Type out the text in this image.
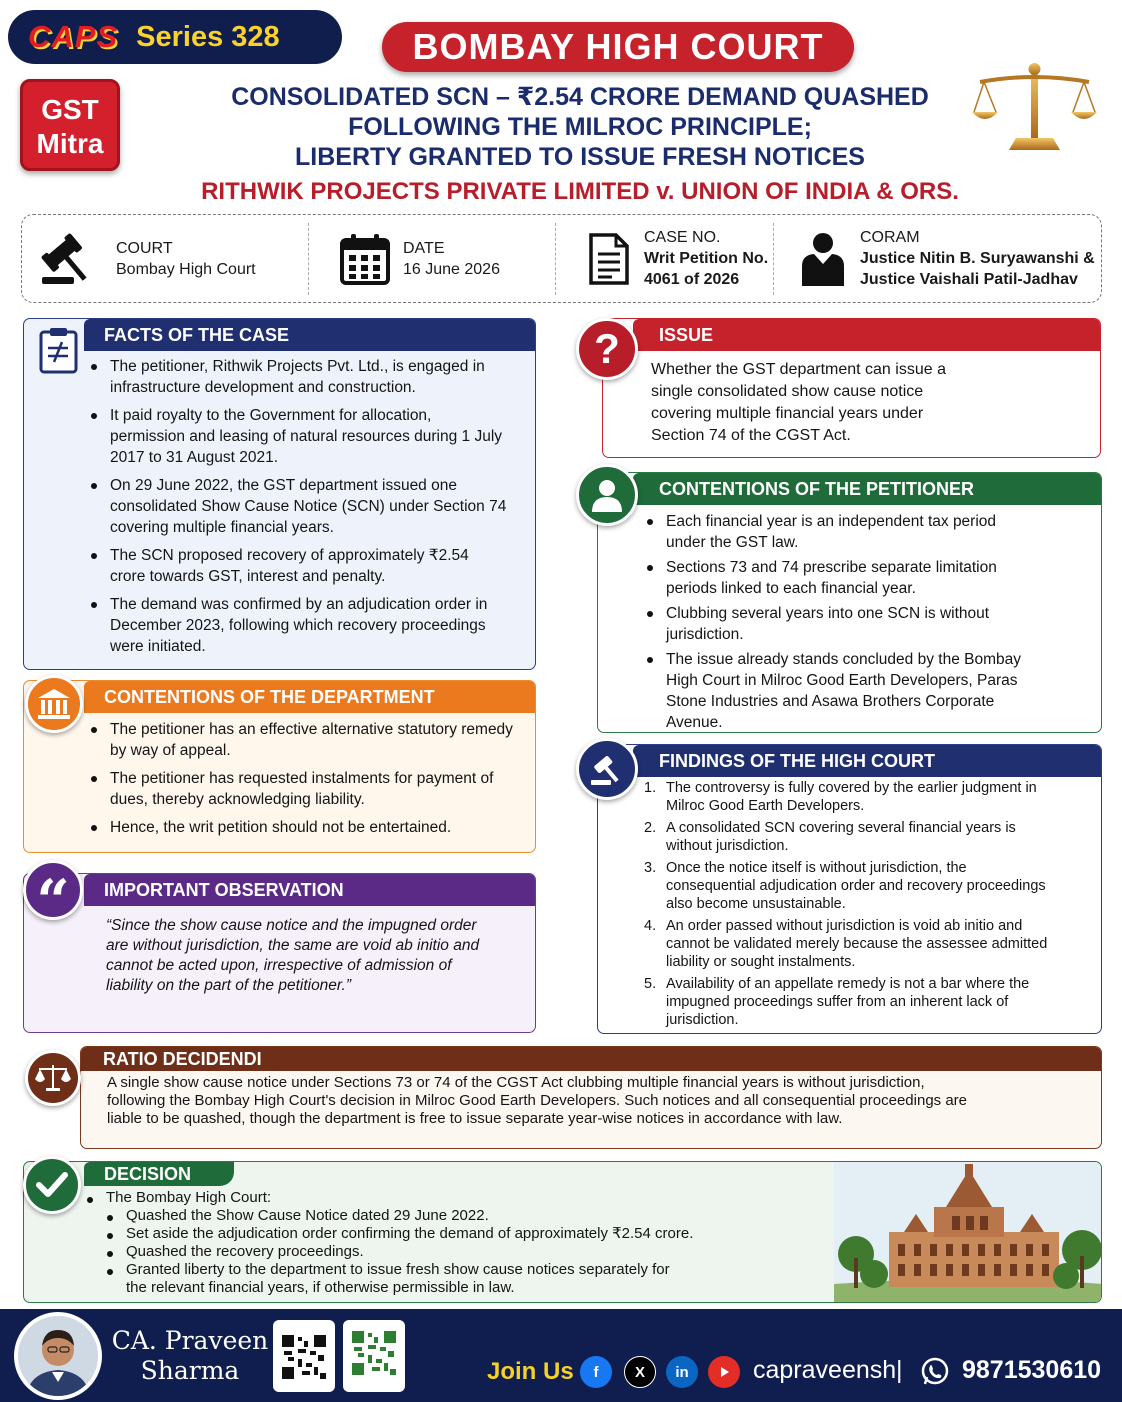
CAPS Series 328	BOMBAY HIGH COURT
GST
Mitra
CONSOLIDATED SCN – ₹2.54 CRORE DEMAND QUASHED
FOLLOWING THE MILROC PRINCIPLE;
LIBERTY GRANTED TO ISSUE FRESH NOTICES
RITHWIK PROJECTS PRIVATE LIMITED v. UNION OF INDIA & ORS.
COURT
Bombay High Court
DATE
16 June 2026
CASE NO.
Writ Petition No.
4061 of 2026
CORAM
Justice Nitin B. Suryawanshi &
Justice Vaishali Patil-Jadhav
FACTS OF THE CASE
The petitioner, Rithwik Projects Pvt. Ltd., is engaged in infrastructure development and construction.
It paid royalty to the Government for allocation, permission and leasing of natural resources during 1 July 2017 to 31 August 2021.
On 29 June 2022, the GST department issued one consolidated Show Cause Notice (SCN) under Section 74 covering multiple financial years.
The SCN proposed recovery of approximately ₹2.54 crore towards GST, interest and penalty.
The demand was confirmed by an adjudication order in December 2023, following which recovery proceedings were initiated.
CONTENTIONS OF THE DEPARTMENT
The petitioner has an effective alternative statutory remedy by way of appeal.
The petitioner has requested instalments for payment of dues, thereby acknowledging liability.
Hence, the writ petition should not be entertained.
IMPORTANT OBSERVATION
“Since the show cause notice and the impugned order are without jurisdiction, the same are void ab initio and cannot be acted upon, irrespective of admission of liability on the part of the petitioner.”
“
ISSUE
Whether the GST department can issue a single consolidated show cause notice covering multiple financial years under Section 74 of the CGST Act.
?
CONTENTIONS OF THE PETITIONER
Each financial year is an independent tax period under the GST law.
Sections 73 and 74 prescribe separate limitation periods linked to each financial year.
Clubbing several years into one SCN is without jurisdiction.
The issue already stands concluded by the Bombay High Court in Milroc Good Earth Developers, Paras Stone Industries and Asawa Brothers Corporate Avenue.
FINDINGS OF THE HIGH COURT
1. The controversy is fully covered by the earlier judgment in Milroc Good Earth Developers.
2. A consolidated SCN covering several financial years is without jurisdiction.
3. Once the notice itself is without jurisdiction, the consequential adjudication order and recovery proceedings also become unsustainable.
4. An order passed without jurisdiction is void ab initio and cannot be validated merely because the assessee admitted liability or sought instalments.
5. Availability of an appellate remedy is not a bar where the impugned proceedings suffer from an inherent lack of jurisdiction.
RATIO DECIDENDI
A single show cause notice under Sections 73 or 74 of the CGST Act clubbing multiple financial years is without jurisdiction, following the Bombay High Court's decision in Milroc Good Earth Developers. Such notices and all consequential proceedings are liable to be quashed, though the department is free to issue separate year-wise notices in accordance with law.
DECISION
The Bombay High Court:
Quashed the Show Cause Notice dated 29 June 2022.
Set aside the adjudication order confirming the demand of approximately ₹2.54 crore.
Quashed the recovery proceedings.
Granted liberty to the department to issue fresh show cause notices separately for the relevant financial years, if otherwise permissible in law.
CA. Praveen
Sharma	Join Us	f	X	in	capraveensh | 9871530610
